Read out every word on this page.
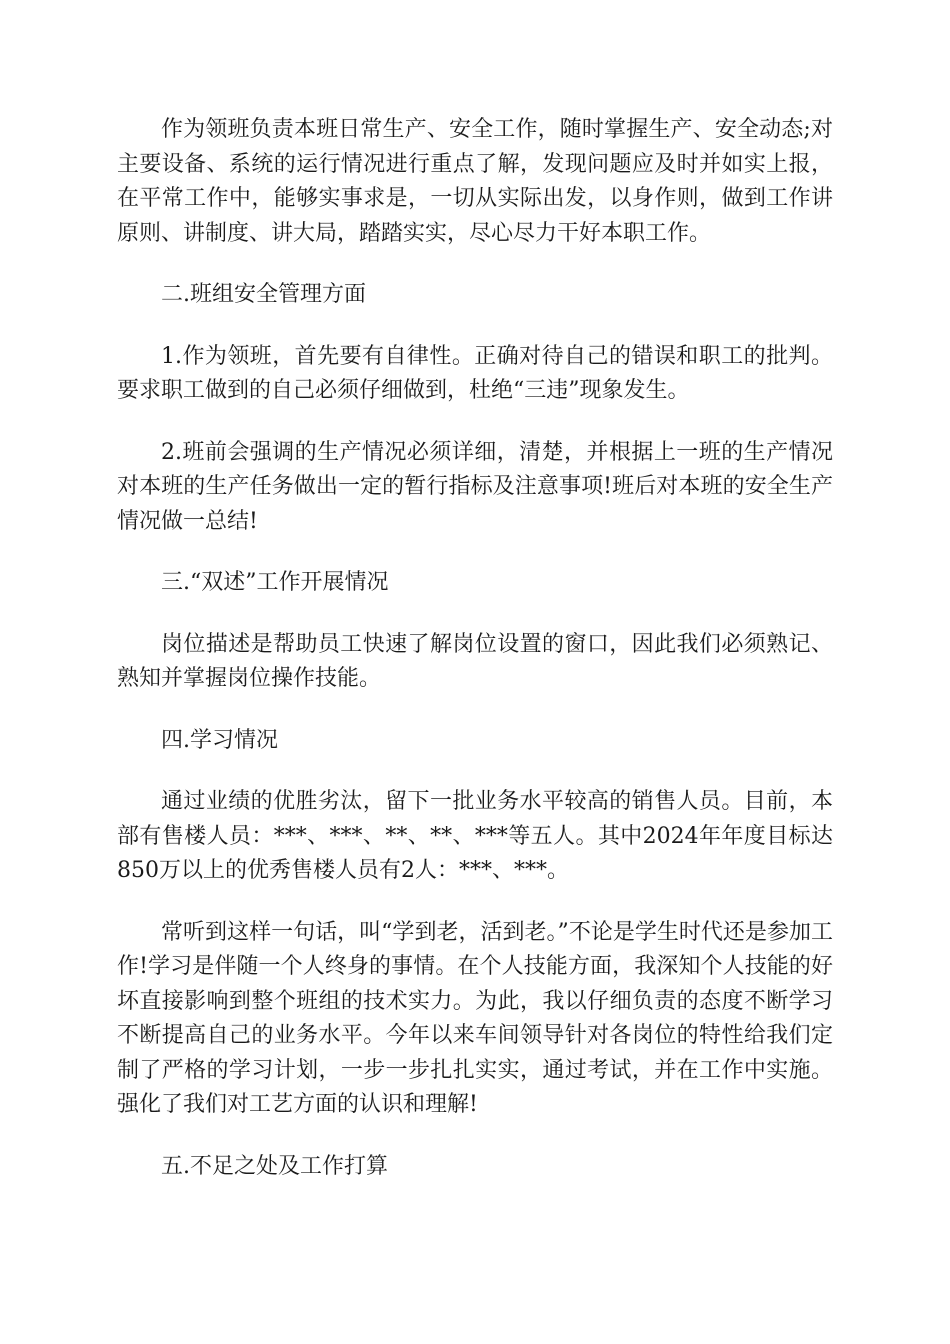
作为领班负责本班日常生产、安全工作，随时掌握生产、安全动态;对主要设备、系统的运行情况进行重点了解，发现问题应及时并如实上报，在平常工作中，能够实事求是，一切从实际出发，以身作则，做到工作讲原则、讲制度、讲大局，踏踏实实，尽心尽力干好本职工作。

二.班组安全管理方面

1.作为领班，首先要有自律性。正确对待自己的错误和职工的批判。要求职工做到的自己必须仔细做到，杜绝“三违”现象发生。

2.班前会强调的生产情况必须详细，清楚，并根据上一班的生产情况对本班的生产任务做出一定的暂行指标及注意事项!班后对本班的安全生产情况做一总结!

三.“双述”工作开展情况

岗位描述是帮助员工快速了解岗位设置的窗口，因此我们必须熟记、熟知并掌握岗位操作技能。

四.学习情况

通过业绩的优胜劣汰，留下一批业务水平较高的销售人员。目前，本部有售楼人员：***、***、**、**、***等五人。其中2024年年度目标达850万以上的优秀售楼人员有2人：***、***。

常听到这样一句话，叫“学到老，活到老。”不论是学生时代还是参加工作!学习是伴随一个人终身的事情。在个人技能方面，我深知个人技能的好坏直接影响到整个班组的技术实力。为此，我以仔细负责的态度不断学习不断提高自己的业务水平。今年以来车间领导针对各岗位的特性给我们定制了严格的学习计划，一步一步扎扎实实，通过考试，并在工作中实施。强化了我们对工艺方面的认识和理解!

五.不足之处及工作打算
